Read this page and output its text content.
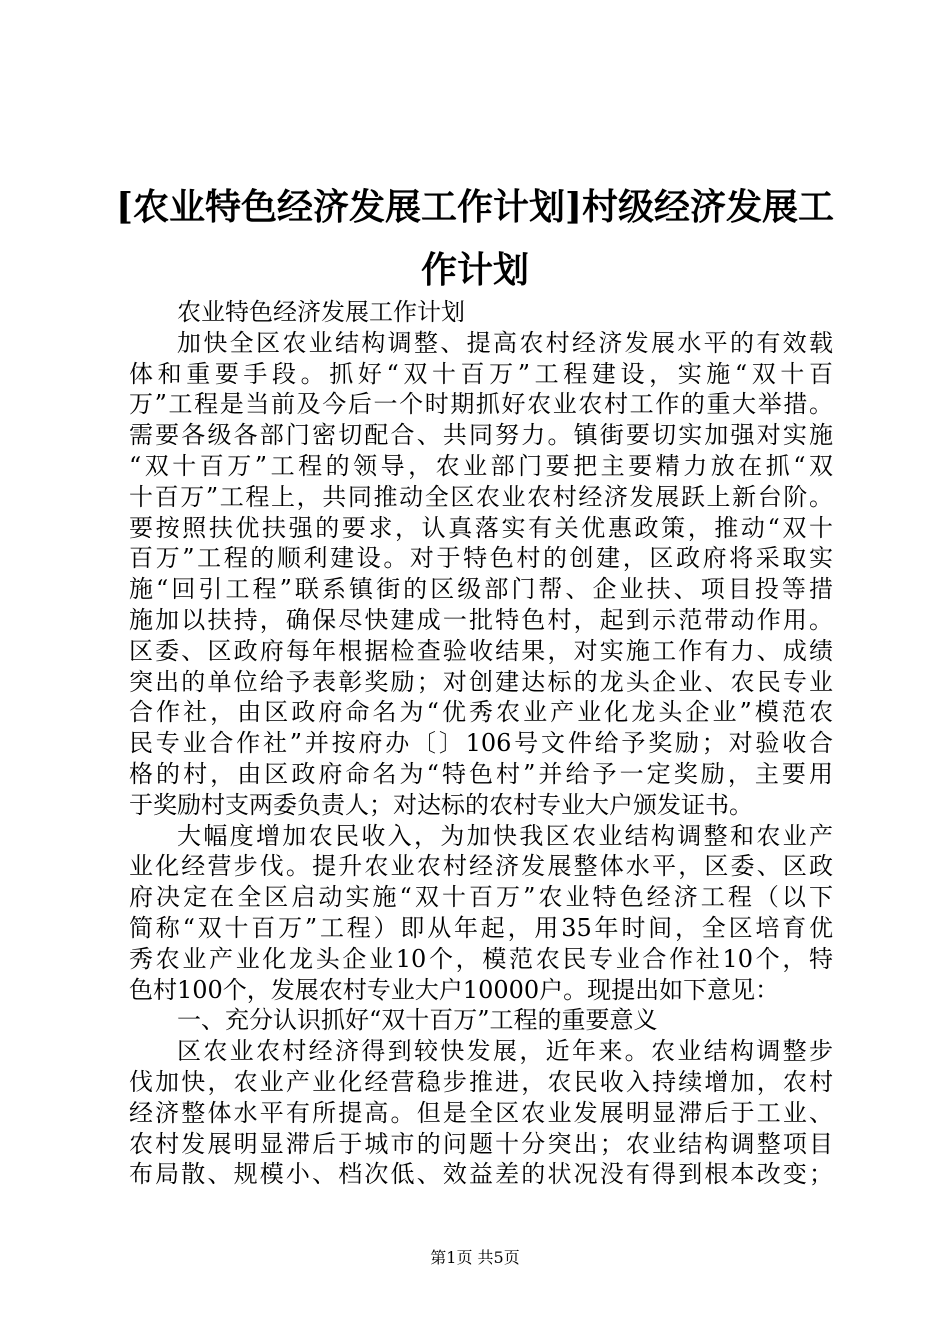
[农业特色经济发展工作计划]村级经济发展工
作计划
农业特色经济发展工作计划
加快全区农业结构调整、提高农村经济发展水平的有效载
体和重要手段。抓好“双十百万”工程建设，实施“双十百
万”工程是当前及今后一个时期抓好农业农村工作的重大举措。
需要各级各部门密切配合、共同努力。镇街要切实加强对实施
“双十百万”工程的领导，农业部门要把主要精力放在抓“双
十百万”工程上，共同推动全区农业农村经济发展跃上新台阶。
要按照扶优扶强的要求，认真落实有关优惠政策，推动“双十
百万”工程的顺利建设。对于特色村的创建，区政府将采取实
施“回引工程”联系镇街的区级部门帮、企业扶、项目投等措
施加以扶持，确保尽快建成一批特色村，起到示范带动作用。
区委、区政府每年根据检查验收结果，对实施工作有力、成绩
突出的单位给予表彰奖励；对创建达标的龙头企业、农民专业
合作社，由区政府命名为“优秀农业产业化龙头企业”模范农
民专业合作社”并按府办〔〕106号文件给予奖励；对验收合
格的村，由区政府命名为“特色村”并给予一定奖励，主要用
于奖励村支两委负责人；对达标的农村专业大户颁发证书。
大幅度增加农民收入，为加快我区农业结构调整和农业产
业化经营步伐。提升农业农村经济发展整体水平，区委、区政
府决定在全区启动实施“双十百万”农业特色经济工程（以下
简称“双十百万”工程）即从年起，用35年时间，全区培育优
秀农业产业化龙头企业10个，模范农民专业合作社10个，特
色村100个，发展农村专业大户10000户。现提出如下意见：
一、充分认识抓好“双十百万”工程的重要意义
区农业农村经济得到较快发展，近年来。农业结构调整步
伐加快，农业产业化经营稳步推进，农民收入持续增加，农村
经济整体水平有所提高。但是全区农业发展明显滞后于工业、
农村发展明显滞后于城市的问题十分突出；农业结构调整项目
布局散、规模小、档次低、效益差的状况没有得到根本改变；
第1页 共5页
